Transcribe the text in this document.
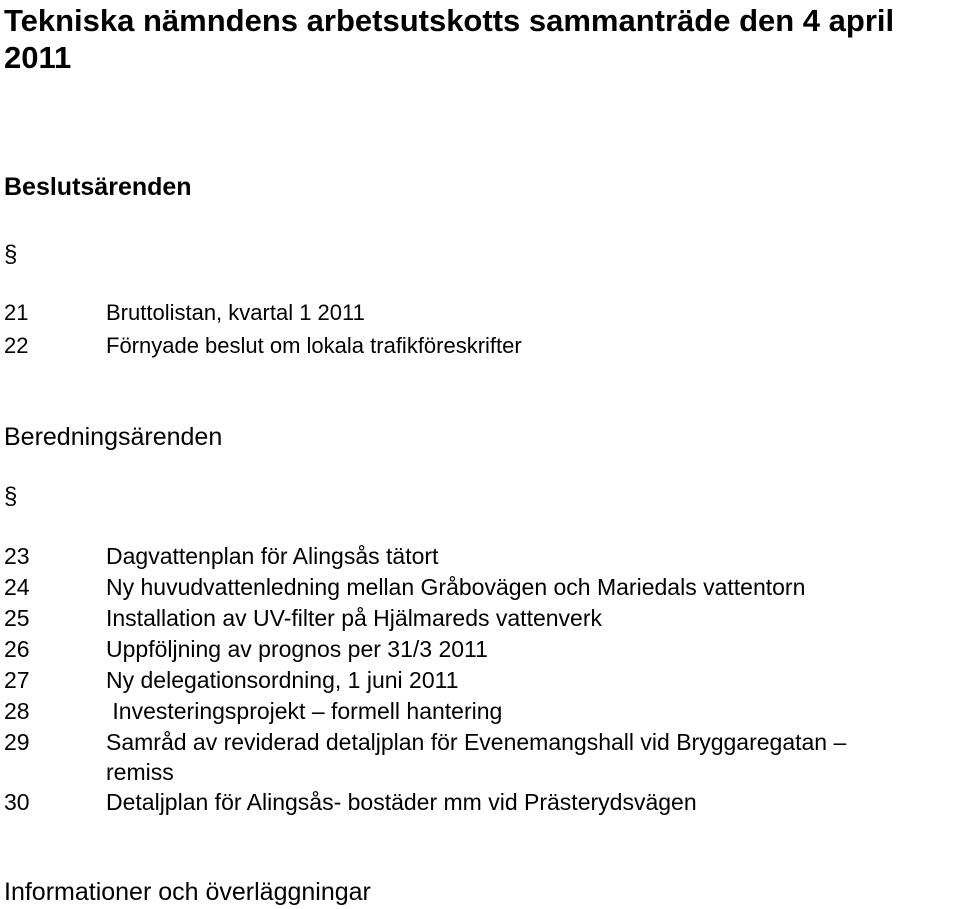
Tekniska nämndens arbetsutskotts sammanträde den 4 april 2011
Beslutsärenden
§
21	Bruttolistan, kvartal 1 2011
22	Förnyade beslut om lokala trafikföreskrifter
Beredningsärenden
§
23	Dagvattenplan för Alingsås tätort
24	Ny huvudvattenledning mellan Gråbovägen och Mariedals vattentorn
25	Installation av UV-filter på Hjälmareds vattenverk
26	Uppföljning av prognos per 31/3 2011
27	Ny delegationsordning, 1 juni 2011
28	Investeringsprojekt – formell hantering
29	Samråd av reviderad detaljplan för Evenemangshall vid Bryggaregatan –
remiss
30	Detaljplan för Alingsås- bostäder mm vid Prästerydsvägen
Informationer och överläggningar
